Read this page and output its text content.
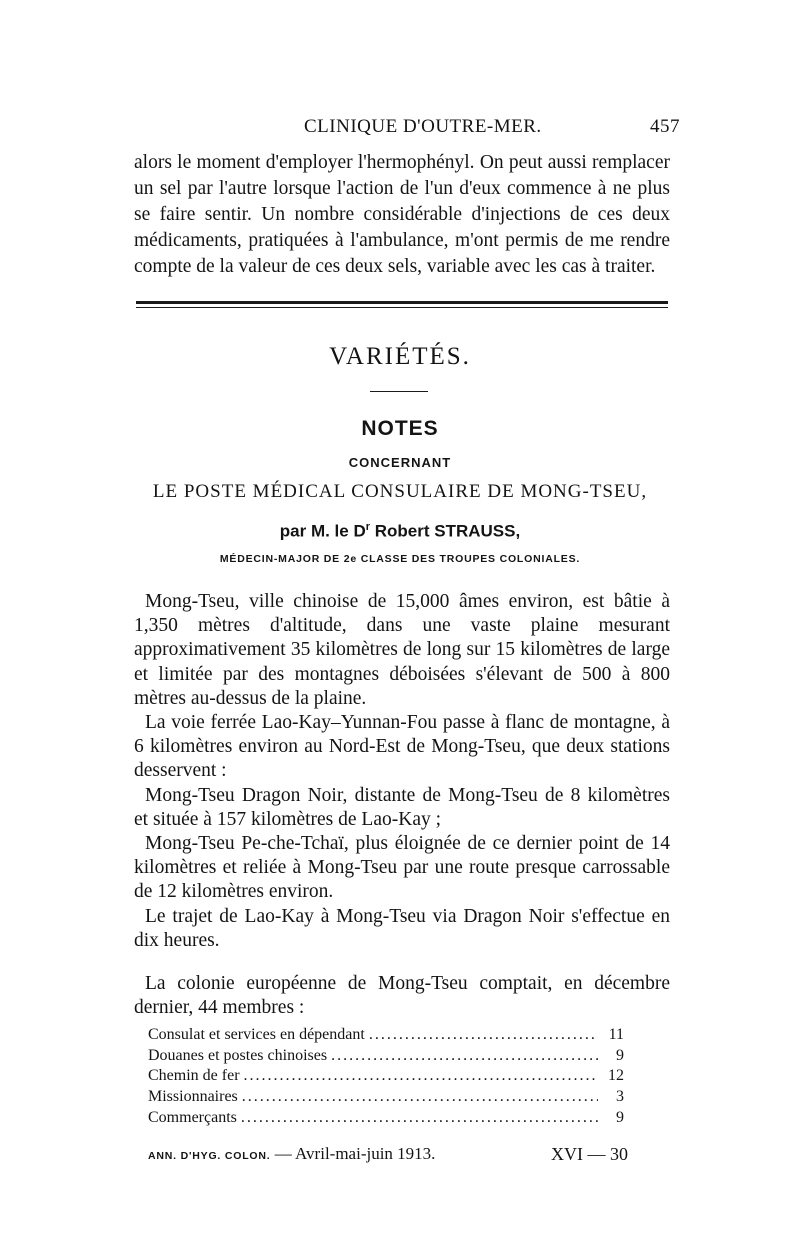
CLINIQUE D'OUTRE-MER.	457
alors le moment d'employer l'hermophényl. On peut aussi remplacer un sel par l'autre lorsque l'action de l'un d'eux commence à ne plus se faire sentir. Un nombre considérable d'injections de ces deux médicaments, pratiquées à l'ambulance, m'ont permis de me rendre compte de la valeur de ces deux sels, variable avec les cas à traiter.
VARIÉTÉS.
NOTES
CONCERNANT
LE POSTE MÉDICAL CONSULAIRE DE MONG-TSEU,
par M. le $D^r$ Robert STRAUSS,
MÉDECIN-MAJOR DE 2e CLASSE DES TROUPES COLONIALES.

Mong-Tseu, ville chinoise de 15,000 âmes environ, est bâtie à 1,350 mètres d'altitude, dans une vaste plaine mesurant approximativement 35 kilomètres de long sur 15 kilomètres de large et limitée par des montagnes déboisées s'élevant de 500 à 800 mètres au-dessus de la plaine.

La voie ferrée Lao-Kay–Yunnan-Fou passe à flanc de montagne, à 6 kilomètres environ au Nord-Est de Mong-Tseu, que deux stations desservent :

Mong-Tseu Dragon Noir, distante de Mong-Tseu de 8 kilomètres et située à 157 kilomètres de Lao-Kay ;

Mong-Tseu Pe-che-Tchaï, plus éloignée de ce dernier point de 14 kilomètres et reliée à Mong-Tseu par une route presque carrossable de 12 kilomètres environ.

Le trajet de Lao-Kay à Mong-Tseu via Dragon Noir s'effectue en dix heures.

La colonie européenne de Mong-Tseu comptait, en décembre dernier, 44 membres :

Consulat et services en dépendant .....	11
Douanes et postes chinoises .....	9
Chemin de fer .....	12
Missionnaires .....	3
Commerçants .....	9
ANN. D'HYG. COLON. — Avril-mai-juin 1913.	XVI — 30
